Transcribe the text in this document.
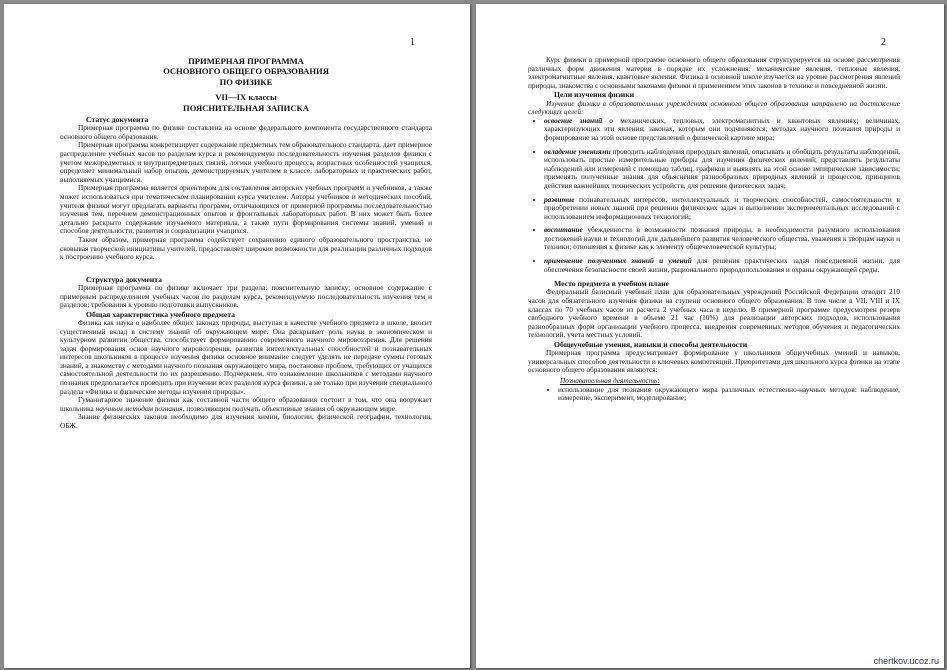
1
ПРИМЕРНАЯ ПРОГРАММА
ОСНОВНОГО ОБЩЕГО ОБРАЗОВАНИЯ
ПО ФИЗИКЕ
VII—IX классы
ПОЯСНИТЕЛЬНАЯ ЗАПИСКА
Статус документа

Примерная программа по физике составлена на основе федерального компонента государственного стандарта основного общего образования.

Примерная программа конкретизирует содержание предметных тем образовательного стандарта, дает примерное распределение учебных часов по разделам курса и рекомендуемую последовательность изучения разделов физики с учетом межпредметных и внутрипредметных связей, логики учебного процесса, возрастных особенностей учащихся, определяет минимальный набор опытов, демонстрируемых учителем в классе, лабораторных и практических работ, выполняемых учащимися.

Примерная программа является ориентиром для составления авторских учебных программ и учебников, а также может использоваться при тематическом планировании курса учителем. Авторы учебников и методических пособий, учителя физики могут предлагать варианты программ, отличающихся от примерной программы последовательностью изучения тем, перечнем демонстрационных опытов и фронтальных лабораторных работ. В них может быть более детально раскрыто содержание изучаемого материала, а также пути формирования системы знаний, умений и способов деятельности, развития и социализации учащихся.

Таким образом, примерная программа содействует сохранению единого образовательного пространства, не сковывая творческой инициативы учителей, предоставляет широкие возможности для реализации различных подходов к построению учебного курса.

Структура документа

Примерная программа по физике включает три раздела: пояснительную записку; основное содержание с примерным распределением учебных часов по разделам курса, рекомендуемую последовательность изучения тем и разделов; требования к уровню подготовки выпускников.

Общая характеристика учебного предмета

Физика как наука о наиболее общих законах природы, выступая в качестве учебного предмета в школе, вносит существенный вклад в систему знаний об окружающем мире. Она раскрывает роль науки в экономическом и культурном развитии общества, способствует формированию современного научного мировоззрения. Для решения задач формирования основ научного мировоззрения, развития интеллектуальных способностей и познавательных интересов школьников в процессе изучения физики основное внимание следует уделять не передаче суммы готовых знаний, а знакомству с методами научного познания окружающего мира, постановке проблем, требующих от учащихся самостоятельной деятельности по их разрешению. Подчеркнем, что ознакомление школьников с методами научного познания предполагается проводить при изучении всех разделов курса физики, а не только при изучении специального раздела «Физика и физические методы изучения природы».

Гуманитарное значение физики как составной части общего образования состоит в том, что она вооружает школьника научным методом познания, позволяющим получать объективные знания об окружающем мире.

Знание физических законов необходимо для изучения химии, биологии, физической географии, технологии, ОБЖ.

2

Курс физики в примерной программе основного общего образования структурируется на основе рассмотрения различных форм движения материи в порядке их усложнения: механические явления, тепловые явления, электромагнитные явления, квантовые явления. Физика в основной школе изучается на уровне рассмотрения явлений природы, знакомства с основными законами физики и применением этих законов в технике и повседневной жизни.

Цели изучения физики

Изучение физики в образовательных учреждениях основного общего образования направлено на достижение следующих целей:

• освоение знаний о механических, тепловых, электромагнитных и квантовых явлениях; величинах, характеризующих эти явления; законах, которым они подчиняются; методах научного познания природы и формирование на этой основе представлений о физической картине мира;
• овладение умениями проводить наблюдения природных явлений, описывать и обобщать результаты наблюдений, использовать простые измерительные приборы для изучения физических явлений; представлять результаты наблюдений или измерений с помощью таблиц, графиков и выявлять на этой основе эмпирические зависимости; применять полученные знания для объяснения разнообразных природных явлений и процессов, принципов действия важнейших технических устройств, для решения физических задач;
• развитие познавательных интересов, интеллектуальных и творческих способностей, самостоятельности в приобретении новых знаний при решении физических задач и выполнении экспериментальных исследований с использованием информационных технологий;
• воспитание убежденности в возможности познания природы, в необходимости разумного использования достижений науки и технологий для дальнейшего развития человеческого общества, уважения к творцам науки и техники; отношения к физике как к элементу общечеловеческой культуры;
• применение полученных знаний и умений для решения практических задач повседневной жизни, для обеспечения безопасности своей жизни, рационального природопользования и охраны окружающей среды.
Место предмета в учебном плане

Федеральный базисный учебный план для образовательных учреждений Российской Федерации отводит 210 часов для обязательного изучения физики на ступени основного общего образования. В том числе в VII, VIII и IX классах по 70 учебных часов из расчета 2 учебных часа в неделю. В примерной программе предусмотрен резерв свободного учебного времени в объеме 21 час (10%) для реализации авторских подходов, использования разнообразных форм организации учебного процесса, внедрения современных методов обучения и педагогических технологий, учета местных условий.

Общеучебные умения, навыки и способы деятельности

Примерная программа предусматривает формирование у школьников общеучебных умений и навыков, универсальных способов деятельности и ключевых компетенций. Приоритетами для школьного курса физики на этапе основного общего образования являются:

Познавательная деятельность:

• использование для познания окружающего мира различных естественно-научных методов: наблюдение, измерение, эксперимент, моделирование;
chertkov.ucoz.ru
